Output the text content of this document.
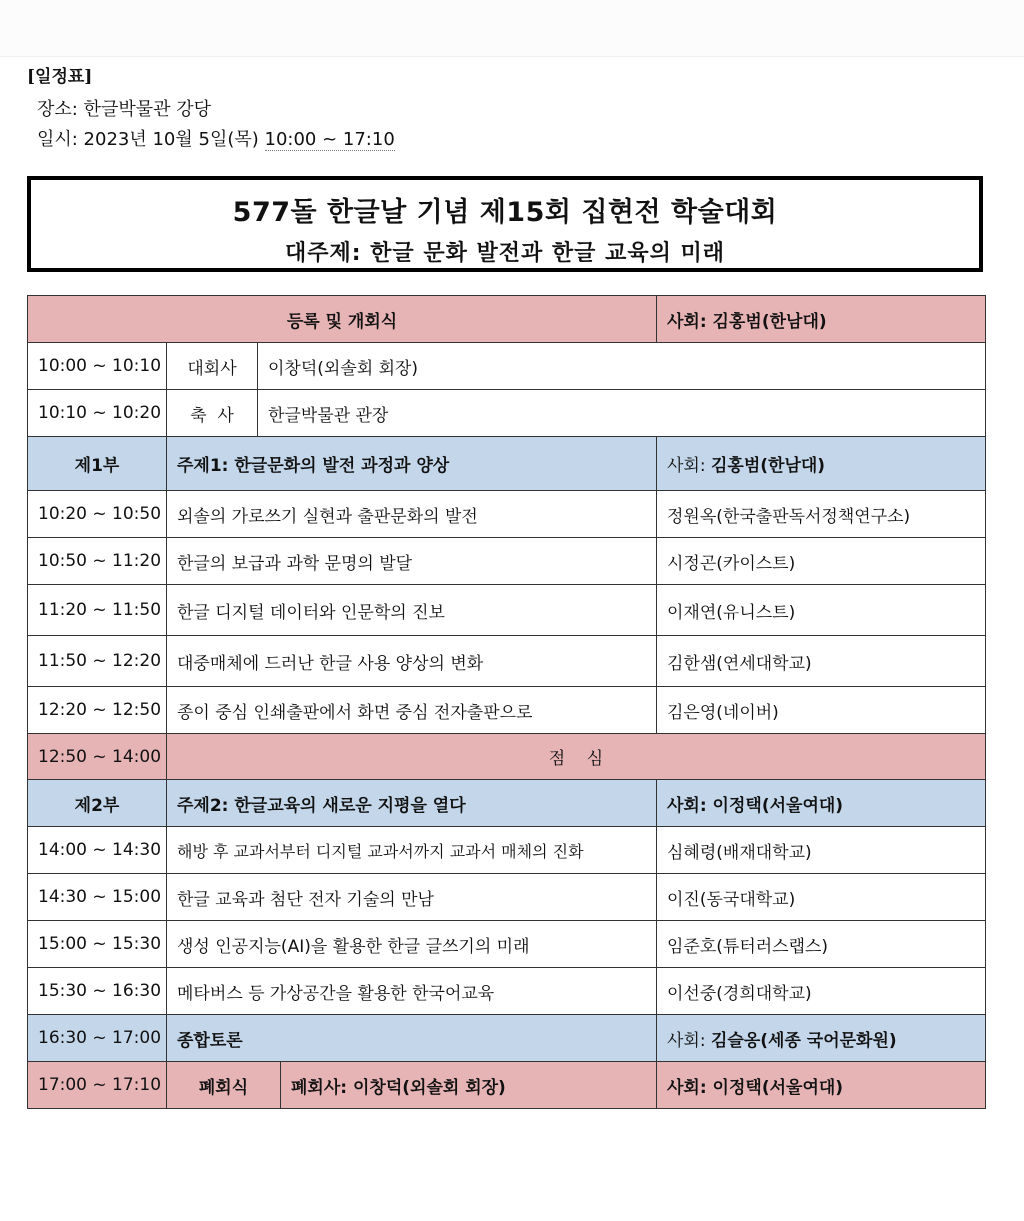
[일정표]
장소: 한글박물관 강당
일시: 2023년 10월 5일(목) 10:00 ~ 17:10
577돌 한글날 기념 제15회 집현전 학술대회
대주제: 한글 문화 발전과 한글 교육의 미래
등록 및 개회식				사회: 김홍범(한남대)
10:00 ~ 10:10	대회사	이창덕(외솔회 회장)		
10:10 ~ 10:20	축  사	한글박물관 관장		
제1부	주제1: 한글문화의 발전 과정과 양상			사회: 김홍범(한남대)
10:20 ~ 10:50	외솔의 가로쓰기 실현과 출판문화의 발전			정원옥(한국출판독서정책연구소)
10:50 ~ 11:20	한글의 보급과 과학 문명의 발달			시정곤(카이스트)
11:20 ~ 11:50	한글 디지털 데이터와 인문학의 진보			이재연(유니스트)
11:50 ~ 12:20	대중매체에 드러난 한글 사용 양상의 변화			김한샘(연세대학교)
12:20 ~ 12:50	종이 중심 인쇄출판에서 화면 중심 전자출판으로			김은영(네이버)
12:50 ~ 14:00	점    심			
제2부	주제2: 한글교육의 새로운 지평을 열다			사회: 이정택(서울여대)
14:00 ~ 14:30	해방 후 교과서부터 디지털 교과서까지 교과서 매체의 진화			심혜령(배재대학교)
14:30 ~ 15:00	한글 교육과 첨단 전자 기술의 만남			이진(동국대학교)
15:00 ~ 15:30	생성 인공지능(AI)을 활용한 한글 글쓰기의 미래			임준호(튜터러스랩스)
15:30 ~ 16:30	메타버스 등 가상공간을 활용한 한국어교육			이선중(경희대학교)
16:30 ~ 17:00	종합토론			사회: 김슬옹(세종 국어문화원)
17:00 ~ 17:10	폐회식		폐회사: 이창덕(외솔회 회장)	사회: 이정택(서울여대)
